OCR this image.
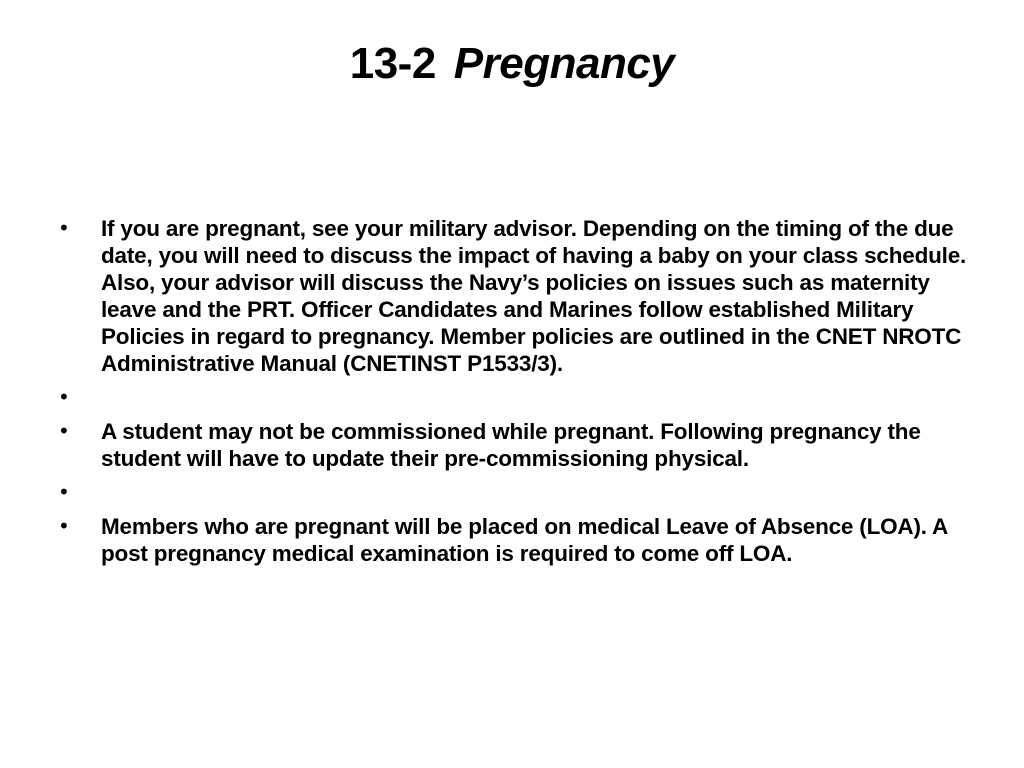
13-2 Pregnancy
•	If you are pregnant, see your military advisor. Depending on the timing of the due date, you will need to discuss the impact of having a baby on your class schedule. Also, your advisor will discuss the Navy’s policies on issues such as maternity leave and the PRT. Officer Candidates and Marines follow established Military Policies in regard to pregnancy. Member policies are outlined in the CNET NROTC Administrative Manual (CNETINST P1533/3).
•
•	A student may not be commissioned while pregnant. Following pregnancy the student will have to update their pre-commissioning physical.
•
•	Members who are pregnant will be placed on medical Leave of Absence (LOA). A post pregnancy medical examination is required to come off LOA.
